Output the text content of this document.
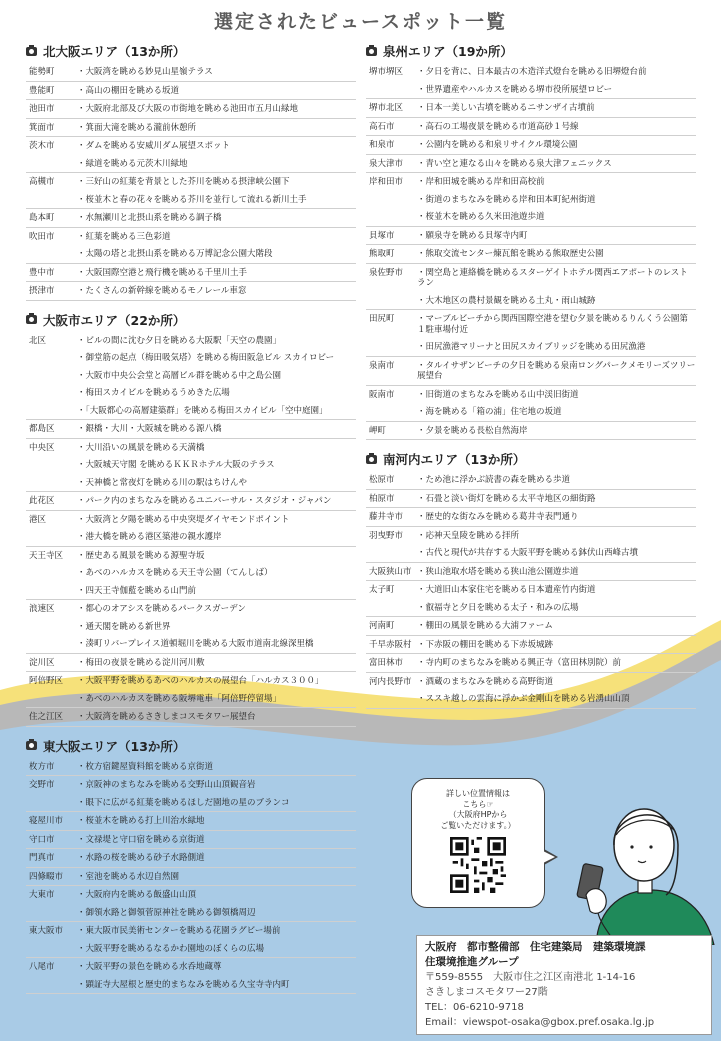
選定されたビュースポット一覧
北大阪エリア（13か所）
能勢町	・ 大阪湾を眺める妙見山星嶺テラス
豊能町	・ 高山の棚田を眺める坂道
池田市	・ 大阪府北部及び大阪の市街地を眺める池田市五月山緑地
箕面市	・ 箕面大滝を眺める瀧前休憩所
茨木市	・ ダムを眺める安威川ダム展望スポット
・ 緑道を眺める元茨木川緑地
高槻市	・ 三好山の紅葉を背景とした芥川を眺める摂津峡公園下
・ 桜並木と春の花々を眺める芥川を並行して流れる新川土手
島本町	・ 水無瀬川と北摂山系を眺める調子橋
吹田市	・ 紅葉を眺める三色彩道
・ 太陽の塔と北摂山系を眺める万博記念公園大階段
豊中市	・ 大阪国際空港と飛行機を眺める千里川土手
摂津市	・ たくさんの新幹線を眺めるモノレール車窓
大阪市エリア（22か所）
北区	・ ビルの間に沈む夕日を眺める大阪駅「天空の農園」
・ 御堂筋の起点（梅田吸気塔）を眺める梅田阪急ビル スカイロビー
・ 大阪市中央公会堂と高層ビル群を眺める中之島公園
・ 梅田スカイビルを眺めるうめきた広場
・ 「大阪都心の高層建築群」を眺める梅田スカイビル「空中庭園」
都島区	・ 銀橋・大川・大阪城を眺める源八橋
中央区	・ 大川沿いの風景を眺める天満橋
・ 大阪城天守閣 を眺めるＫＫＲホテル大阪のテラス
・ 天神橋と常夜灯を眺める川の駅はちけんや
此花区	・ パーク内のまちなみを眺めるユニバーサル・スタジオ・ジャパン
港区	・ 大阪湾と夕陽を眺める中央突堤ダイヤモンドポイント
・ 港大橋を眺める港区築港の親水護岸
天王寺区	・ 歴史ある風景を眺める源聖寺坂
・ あべのハルカスを眺める天王寺公園（てんしば）
・ 四天王寺伽藍を眺める山門前
浪速区	・ 都心のオアシスを眺めるパークスガーデン
・ 通天閣を眺める新世界
・ 湊町リバープレイス道頓堀川を眺める大阪市道南北線深里橋
淀川区	・ 梅田の夜景を眺める淀川河川敷
阿倍野区	・ 大阪平野を眺めるあべのハルカスの展望台「ハルカス３００」
・ あべのハルカスを眺める阪堺電車「阿倍野停留場」
住之江区	・ 大阪湾を眺めるさきしまコスモタワー展望台
東大阪エリア（13か所）
枚方市	・ 枚方宿鍵屋資料館を眺める京街道
交野市	・ 京阪神のまちなみを眺める交野山山頂観音岩
・ 眼下に広がる紅葉を眺めるほしだ園地の星のブランコ
寝屋川市	・ 桜並木を眺める打上川治水緑地
守口市	・ 文禄堤と守口宿を眺める京街道
門真市	・ 水路の桜を眺める砂子水路側道
四條畷市	・ 室池を眺める水辺自然園
大東市	・ 大阪府内を眺める飯盛山山頂
・ 御領水路と御領菅原神社を眺める御領橋周辺
東大阪市	・ 東大阪市民美術センターを眺める花園ラグビー場前
・ 大阪平野を眺めるなるかわ園地のぼくらの広場
八尾市	・ 大阪平野の景色を眺める水呑地蔵尊
・ 顕証寺大屋根と歴史的まちなみを眺める久宝寺寺内町
泉州エリア（19か所）
堺市堺区	・ 夕日を背に、日本最古の木造洋式燈台を眺める旧堺燈台前
・ 世界遺産やハルカスを眺める堺市役所展望ロビー
堺市北区	・ 日本一美しい古墳を眺めるニサンザイ古墳前
高石市	・ 高石の工場夜景を眺める市道高砂１号線
和泉市	・ 公園内を眺める和泉リサイクル環境公園
泉大津市	・ 青い空と連なる山々を眺める泉大津フェニックス
岸和田市	・ 岸和田城を眺める岸和田高校前
・ 街道のまちなみを眺める岸和田本町紀州街道
・ 桜並木を眺める久米田池遊歩道
貝塚市	・ 願泉寺を眺める貝塚寺内町
熊取町	・ 熊取交流センター煉瓦館を眺める熊取歴史公園
泉佐野市	・ 関空島と連絡橋を眺めるスターゲイトホテル関西エアポートのレストラン
・ 大木地区の農村景観を眺める土丸・雨山城跡
田尻町	・ マーブルビーチから関西国際空港を望む夕景を眺めるりんくう公園第１駐車場付近
・ 田尻漁港マリーナと田尻スカイブリッジを眺める田尻漁港
泉南市	・ タルイサザンビーチの夕日を眺める泉南ロングパークメモリーズツリー展望台
阪南市	・ 旧街道のまちなみを眺める山中渓旧街道
・ 海を眺める「箱の浦」住宅地の坂道
岬町	・ 夕景を眺める長松自然海岸
南河内エリア（13か所）
松原市	・ ため池に浮かぶ読書の森を眺める歩道
柏原市	・ 石畳と淡い街灯を眺める太平寺地区の細街路
藤井寺市	・ 歴史的な街なみを眺める葛井寺表門通り
羽曳野市	・ 応神天皇陵を眺める拝所
・ 古代と現代が共存する大阪平野を眺める鉢伏山西峰古墳
大阪狭山市	・ 狭山池取水塔を眺める狭山池公園遊歩道
太子町	・ 大道旧山本家住宅を眺める日本遺産竹内街道
・ 叡福寺と夕日を眺める太子・和みの広場
河南町	・ 棚田の風景を眺める大浦ファーム
千早赤阪村	・ 下赤阪の棚田を眺める下赤坂城跡
富田林市	・ 寺内町のまちなみを眺める興正寺（富田林別院）前
河内長野市	・ 酒蔵のまちなみを眺める高野街道
・ ススキ越しの雲海に浮かぶ金剛山を眺める岩湧山山頂
詳しい位置情報は
こちら☞
（大阪府HPから
ご覧いただけます。）
大阪府　都市整備部　住宅建築局　建築環境課
住環境推進グループ
〒559-8555　大阪市住之江区南港北 1-14-16
さきしまコスモタワー27階
TEL：06-6210-9718
Email：viewspot-osaka@gbox.pref.osaka.lg.jp
